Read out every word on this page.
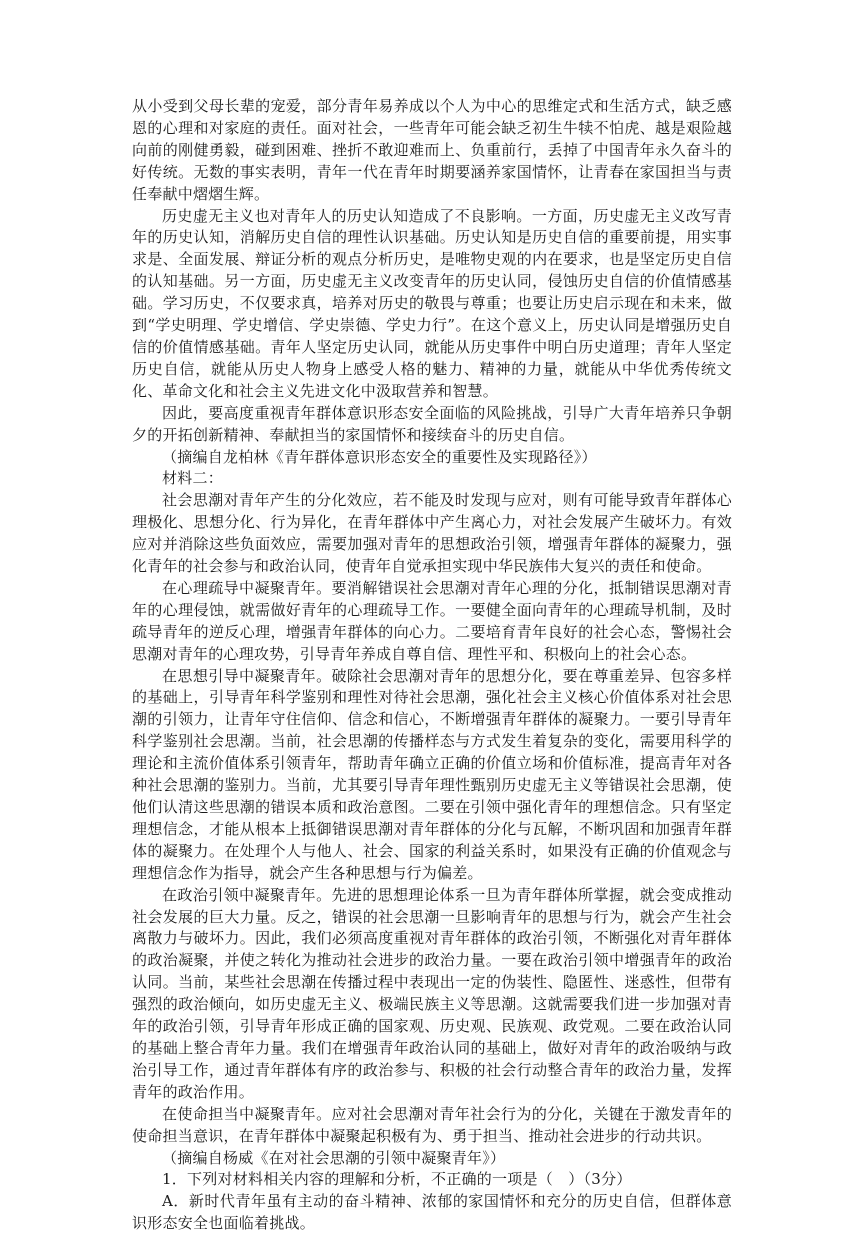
从小受到父母长辈的宠爱，部分青年易养成以个人为中心的思维定式和生活方式，缺乏感恩的心理和对家庭的责任。面对社会，一些青年可能会缺乏初生牛犊不怕虎、越是艰险越向前的刚健勇毅，碰到困难、挫折不敢迎难而上、负重前行，丢掉了中国青年永久奋斗的好传统。无数的事实表明，青年一代在青年时期要涵养家国情怀，让青春在家国担当与责任奉献中熠熠生辉。

历史虚无主义也对青年人的历史认知造成了不良影响。一方面，历史虚无主义改写青年的历史认知，消解历史自信的理性认识基础。历史认知是历史自信的重要前提，用实事求是、全面发展、辩证分析的观点分析历史，是唯物史观的内在要求，也是坚定历史自信的认知基础。另一方面，历史虚无主义改变青年的历史认同，侵蚀历史自信的价值情感基础。学习历史，不仅要求真，培养对历史的敬畏与尊重；也要让历史启示现在和未来，做到“学史明理、学史增信、学史崇德、学史力行”。在这个意义上，历史认同是增强历史自信的价值情感基础。青年人坚定历史认同，就能从历史事件中明白历史道理；青年人坚定历史自信，就能从历史人物身上感受人格的魅力、精神的力量，就能从中华优秀传统文化、革命文化和社会主义先进文化中汲取营养和智慧。

因此，要高度重视青年群体意识形态安全面临的风险挑战，引导广大青年培养只争朝夕的开拓创新精神、奉献担当的家国情怀和接续奋斗的历史自信。

（摘编自龙柏林《青年群体意识形态安全的重要性及实现路径》）

材料二：

社会思潮对青年产生的分化效应，若不能及时发现与应对，则有可能导致青年群体心理极化、思想分化、行为异化，在青年群体中产生离心力，对社会发展产生破坏力。有效应对并消除这些负面效应，需要加强对青年的思想政治引领，增强青年群体的凝聚力，强化青年的社会参与和政治认同，使青年自觉承担实现中华民族伟大复兴的责任和使命。

在心理疏导中凝聚青年。要消解错误社会思潮对青年心理的分化，抵制错误思潮对青年的心理侵蚀，就需做好青年的心理疏导工作。一要健全面向青年的心理疏导机制，及时疏导青年的逆反心理，增强青年群体的向心力。二要培育青年良好的社会心态，警惕社会思潮对青年的心理攻势，引导青年养成自尊自信、理性平和、积极向上的社会心态。

在思想引导中凝聚青年。破除社会思潮对青年的思想分化，要在尊重差异、包容多样的基础上，引导青年科学鉴别和理性对待社会思潮，强化社会主义核心价值体系对社会思潮的引领力，让青年守住信仰、信念和信心，不断增强青年群体的凝聚力。一要引导青年科学鉴别社会思潮。当前，社会思潮的传播样态与方式发生着复杂的变化，需要用科学的理论和主流价值体系引领青年，帮助青年确立正确的价值立场和价值标准，提高青年对各种社会思潮的鉴别力。当前，尤其要引导青年理性甄别历史虚无主义等错误社会思潮，使他们认清这些思潮的错误本质和政治意图。二要在引领中强化青年的理想信念。只有坚定理想信念，才能从根本上抵御错误思潮对青年群体的分化与瓦解，不断巩固和加强青年群体的凝聚力。在处理个人与他人、社会、国家的利益关系时，如果没有正确的价值观念与理想信念作为指导，就会产生各种思想与行为偏差。

在政治引领中凝聚青年。先进的思想理论体系一旦为青年群体所掌握，就会变成推动社会发展的巨大力量。反之，错误的社会思潮一旦影响青年的思想与行为，就会产生社会离散力与破坏力。因此，我们必须高度重视对青年群体的政治引领，不断强化对青年群体的政治凝聚，并使之转化为推动社会进步的政治力量。一要在政治引领中增强青年的政治认同。当前，某些社会思潮在传播过程中表现出一定的伪装性、隐匿性、迷惑性，但带有强烈的政治倾向，如历史虚无主义、极端民族主义等思潮。这就需要我们进一步加强对青年的政治引领，引导青年形成正确的国家观、历史观、民族观、政党观。二要在政治认同的基础上整合青年力量。我们在增强青年政治认同的基础上，做好对青年的政治吸纳与政治引导工作，通过青年群体有序的政治参与、积极的社会行动整合青年的政治力量，发挥青年的政治作用。

在使命担当中凝聚青年。应对社会思潮对青年社会行为的分化，关键在于激发青年的使命担当意识，在青年群体中凝聚起积极有为、勇于担当、推动社会进步的行动共识。

（摘编自杨威《在对社会思潮的引领中凝聚青年》）

1．下列对材料相关内容的理解和分析，不正确的一项是（　）（3分）

A．新时代青年虽有主动的奋斗精神、浓郁的家国情怀和充分的历史自信，但群体意识形态安全也面临着挑战。
